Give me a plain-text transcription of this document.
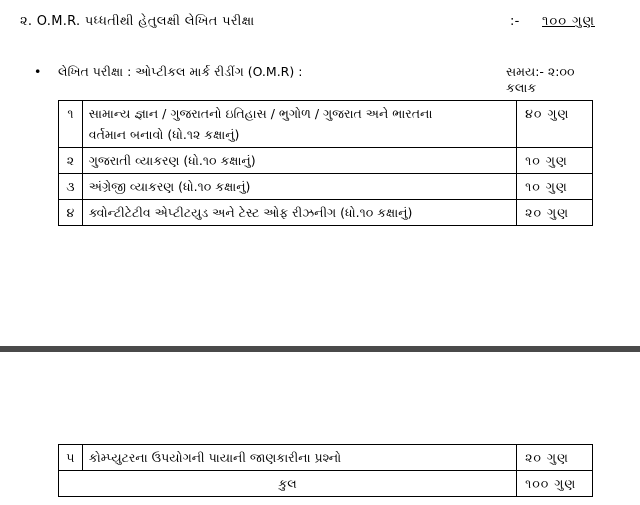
૨. O.M.R. પધ્ધતીથી હેતુલક્ષી લેખિત પરીક્ષા	:- ૧૦૦ ગુણ
• લેખિત પરીક્ષા : ઓપ્ટીકલ માર્ક રીડીંગ (O.M.R) :	સમય:- ૨:૦૦ કલાક
૧	સામાન્ય જ્ઞાન / ગુજરાતનો ઇતિહાસ / ભુગોળ / ગુજરાત અને ભારતના
વર્તમાન બનાવો (ધો.૧૨ કક્ષાનું)	૪૦ ગુણ
૨	ગુજરાતી વ્યાકરણ (ધો.૧૦ કક્ષાનું)	૧૦ ગુણ
૩	અંગ્રેજી વ્યાકરણ (ધો.૧૦ કક્ષાનું)	૧૦ ગુણ
૪	ક્વોન્ટીટેટીવ એપ્ટીટયુડ અને ટેસ્ટ ઓફ રીઝનીગ (ધો.૧૦ કક્ષાનું)	૨૦ ગુણ
૫	કોમ્પ્યુટરના ઉપયોગની પાયાની જાણકારીના પ્રશ્નો	૨૦ ગુણ
કુલ		૧૦૦ ગુણ
